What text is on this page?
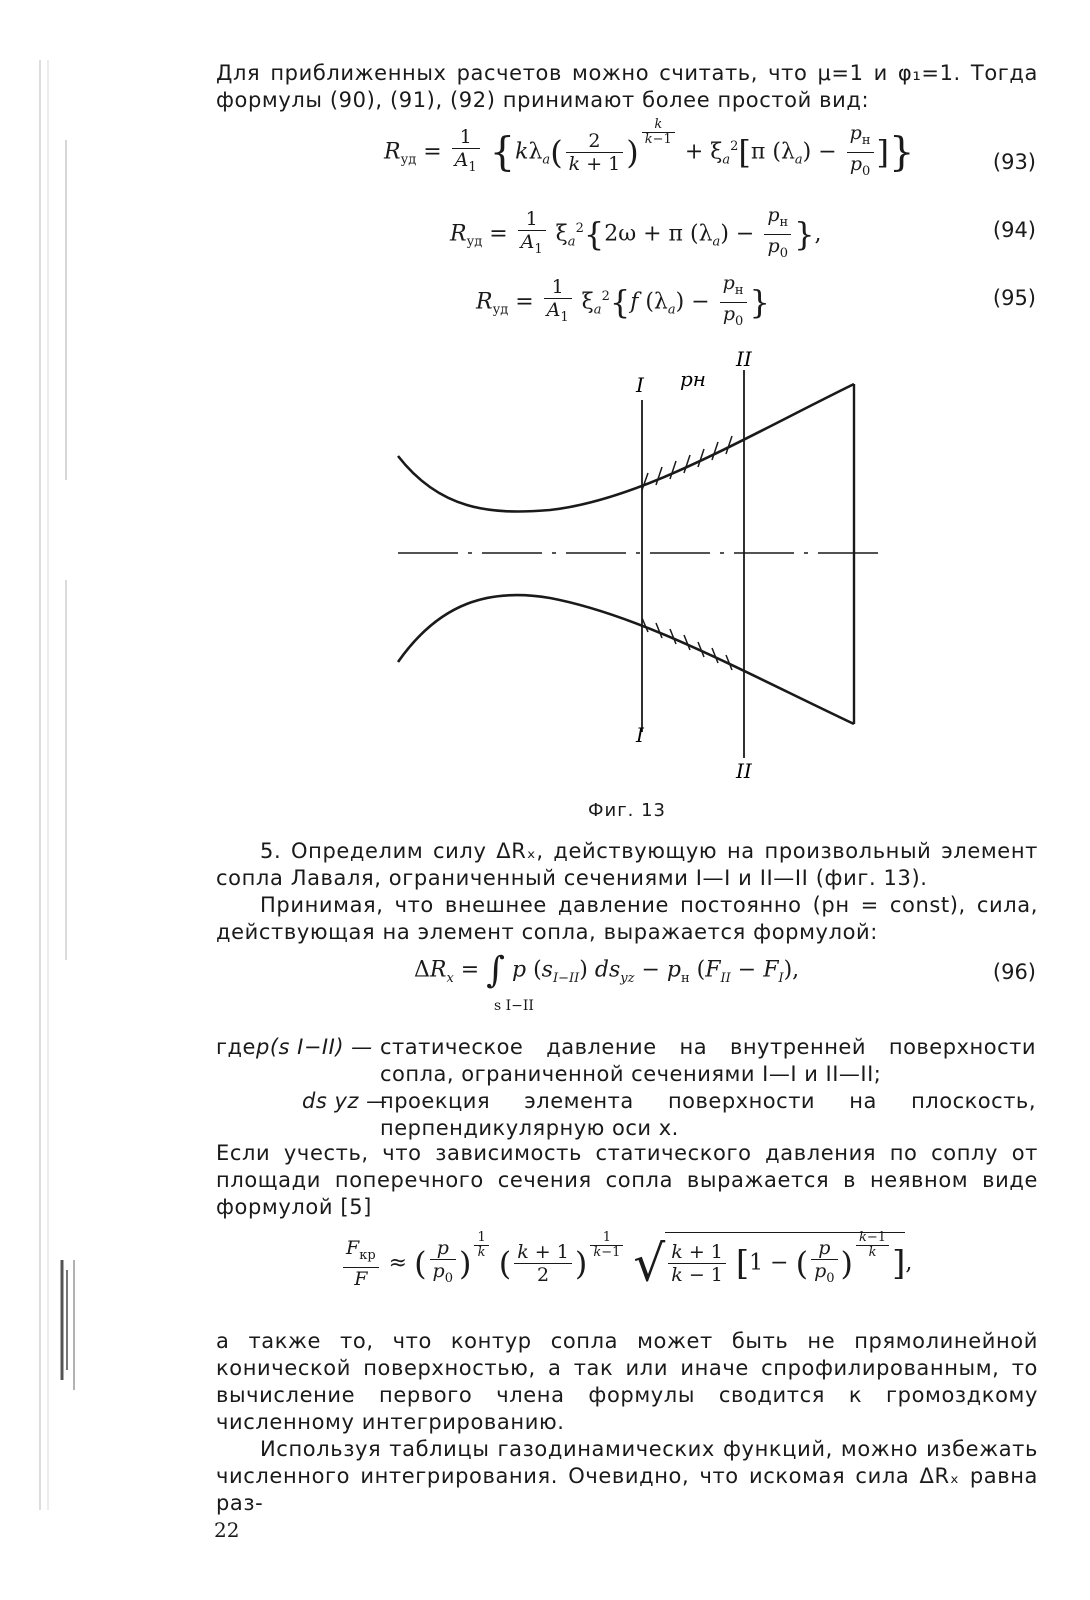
Для приближенных расчетов можно считать, что μ=1 и φ₁=1. Тогда формулы (90), (91), (92) принимают более простой вид:
$R_{уд} = \frac{1}{A_1} \{k\lambda_a( \frac{2}{k + 1}$ )
$^{\frac{k}{k-1}}$
+ $\xi_a^2[\pi$ $(\lambda_a) - \frac{p_н}{p_0}$ ]}	(93)
$R_{уд} = \frac{1}{A_1} \xi_a^2\{2\omega + \pi$ $(\lambda_a) - \frac{p_н}{p_0}$ },	(94)
$R_{уд} = \frac{1}{A_1} \xi_a^2\{f$ $(\lambda_a) - \frac{p_н}{p_0}$ }	(95)
I
I
II
II
pн
Фиг. 13
5. Определим силу ΔRₓ, действующую на произвольный элемент сопла Лаваля, ограниченный сечениями I—I и II—II (фиг. 13).
Принимая, что внешнее давление постоянно (pн = const), сила, действующая на элемент сопла, выражается формулой:
$\Delta R_x$ = ∫ p $(s_{I-II}) ds_{yz} - p_н$ $(F_{II} - F_I)$,
s I−II
(96)
где p(s I−II) — статическое давление на внутренней поверхности сопла, ограниченной сечениями I—I и II—II;
ds yz —
проекция элемента поверхности на плоскость, перпендикулярную оси x.
Если учесть, что зависимость статического давления по соплу от площади поперечного сечения сопла выражается в неявном виде формулой [5]
$\frac{F_{кр}}{F}$ ≈ ( $\frac{p}{p_0}$ ) $^{\frac{1}{k}}$ ( $\frac{k + 1}{2}$ ) $^{\frac{1}{k-1}}$ √ $\frac{k + 1}{k - 1} [1$ − ( $\frac{p}{p_0}$ ) $^{\frac{k-1}{k}}$ ],
а также то, что контур сопла может быть не прямолинейной конической поверхностью, а так или иначе спрофилированным, то вычисление первого члена формулы сводится к громоздкому численному интегрированию.
Используя таблицы газодинамических функций, можно избежать численного интегрирования. Очевидно, что искомая сила ΔRₓ равна раз-
22
